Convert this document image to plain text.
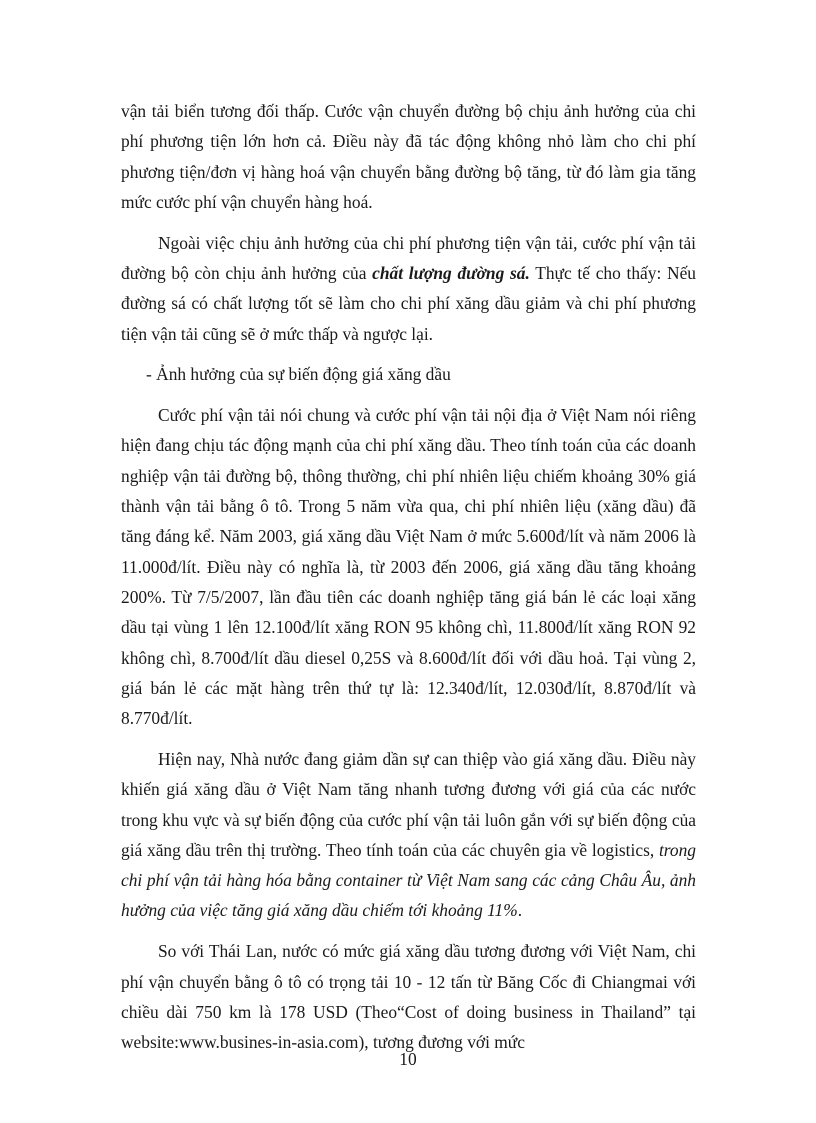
vận tải biển tương đối thấp. Cước vận chuyển đường bộ chịu ảnh hưởng của chi phí phương tiện lớn hơn cả. Điều này đã tác động không nhỏ làm cho chi phí phương tiện/đơn vị hàng hoá vận chuyển bằng đường bộ tăng, từ đó làm gia tăng mức cước phí vận chuyển hàng hoá.

Ngoài việc chịu ảnh hưởng của chi phí phương tiện vận tải, cước phí vận tải đường bộ còn chịu ảnh hưởng của chất lượng đường sá. Thực tế cho thấy: Nếu đường sá có chất lượng tốt sẽ làm cho chi phí xăng dầu giảm và chi phí phương tiện vận tải cũng sẽ ở mức thấp và ngược lại.

- Ảnh hưởng của sự biến động giá xăng dầu

Cước phí vận tải nói chung và cước phí vận tải nội địa ở Việt Nam nói riêng hiện đang chịu tác động mạnh của chi phí xăng dầu. Theo tính toán của các doanh nghiệp vận tải đường bộ, thông thường, chi phí nhiên liệu chiếm khoảng 30% giá thành vận tải bằng ô tô. Trong 5 năm vừa qua, chi phí nhiên liệu (xăng dầu) đã tăng đáng kể. Năm 2003, giá xăng dầu Việt Nam ở mức 5.600đ/lít và năm 2006 là 11.000đ/lít. Điều này có nghĩa là, từ 2003 đến 2006, giá xăng dầu tăng khoảng 200%. Từ 7/5/2007, lần đầu tiên các doanh nghiệp tăng giá bán lẻ các loại xăng dầu tại vùng 1 lên 12.100đ/lít xăng RON 95 không chì, 11.800đ/lít xăng RON 92 không chì, 8.700đ/lít dầu diesel 0,25S và 8.600đ/lít đối với dầu hoả. Tại vùng 2, giá bán lẻ các mặt hàng trên thứ tự là: 12.340đ/lít, 12.030đ/lít, 8.870đ/lít và 8.770đ/lít.

Hiện nay, Nhà nước đang giảm dần sự can thiệp vào giá xăng dầu. Điều này khiến giá xăng dầu ở Việt Nam tăng nhanh tương đương với giá của các nước trong khu vực và sự biến động của cước phí vận tải luôn gắn với sự biến động của giá xăng dầu trên thị trường. Theo tính toán của các chuyên gia về logistics, trong chi phí vận tải hàng hóa bằng container từ Việt Nam sang các cảng Châu Âu, ảnh hưởng của việc tăng giá xăng dầu chiếm tới khoảng 11%.

So với Thái Lan, nước có mức giá xăng dầu tương đương với Việt Nam, chi phí vận chuyển bằng ô tô có trọng tải 10 - 12 tấn từ Băng Cốc đi Chiangmai với chiều dài 750 km là 178 USD (Theo“Cost of doing business in Thailand” tại website:www.busines-in-asia.com), tương đương với mức

10
